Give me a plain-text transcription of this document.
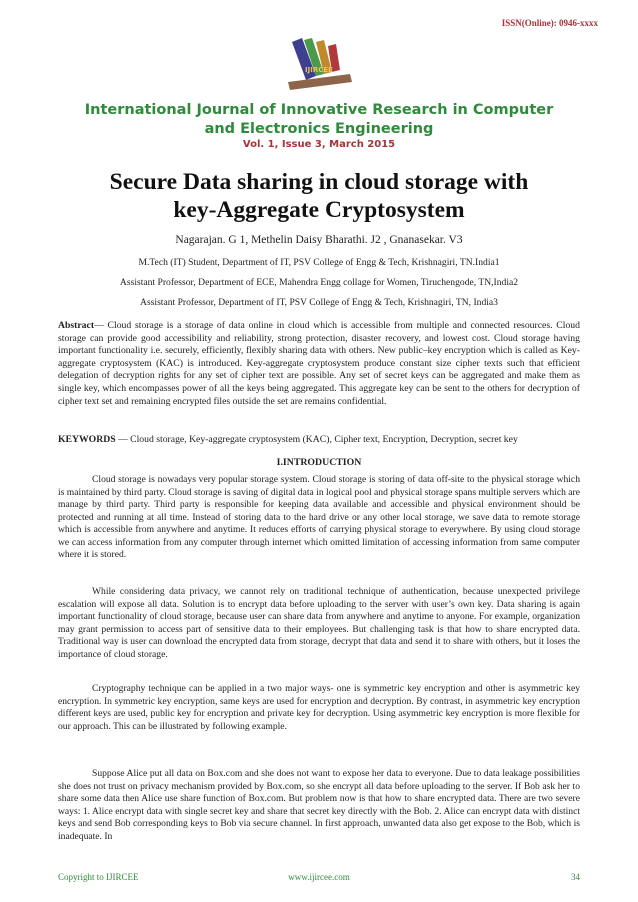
ISSN(Online): 0946-xxxx
IJIRCEE
International Journal of Innovative Research in Computer
and Electronics Engineering
Vol. 1, Issue 3, March 2015
Secure Data sharing in cloud storage with
key-Aggregate Cryptosystem
Nagarajan. G 1, Methelin Daisy Bharathi. J2 , Gnanasekar. V3
M.Tech (IT) Student, Department of IT, PSV College of Engg & Tech, Krishnagiri, TN.India1
Assistant Professor, Department of ECE, Mahendra Engg collage for Women, Tiruchengode, TN,India2
Assistant Professor, Department of IT, PSV College of Engg & Tech, Krishnagiri, TN, India3
Abstract— Cloud storage is a storage of data online in cloud which is accessible from multiple and connected resources. Cloud storage can provide good accessibility and reliability, strong protection, disaster recovery, and lowest cost. Cloud storage having important functionality i.e. securely, efficiently, flexibly sharing data with others. New public–key encryption which is called as Key- aggregate cryptosystem (KAC) is introduced. Key-aggregate cryptosystem produce constant size cipher texts such that efficient delegation of decryption rights for any set of cipher text are possible. Any set of secret keys can be aggregated and make them as single key, which encompasses power of all the keys being aggregated. This aggregate key can be sent to the others for decryption of cipher text set and remaining encrypted files outside the set are remains confidential.
KEYWORDS — Cloud storage, Key-aggregate cryptosystem (KAC), Cipher text, Encryption, Decryption, secret key
I.INTRODUCTION
Cloud storage is nowadays very popular storage system. Cloud storage is storing of data off-site to the physical storage which is maintained by third party. Cloud storage is saving of digital data in logical pool and physical storage spans multiple servers which are manage by third party. Third party is responsible for keeping data available and accessible and physical environment should be protected and running at all time. Instead of storing data to the hard drive or any other local storage, we save data to remote storage which is accessible from anywhere and anytime. It reduces efforts of carrying physical storage to everywhere. By using cloud storage we can access information from any computer through internet which omitted limitation of accessing information from same computer where it is stored.
While considering data privacy, we cannot rely on traditional technique of authentication, because unexpected privilege escalation will expose all data. Solution is to encrypt data before uploading to the server with user’s own key. Data sharing is again important functionality of cloud storage, because user can share data from anywhere and anytime to anyone. For example, organization may grant permission to access part of sensitive data to their employees. But challenging task is that how to share encrypted data. Traditional way is user can download the encrypted data from storage, decrypt that data and send it to share with others, but it loses the importance of cloud storage.
Cryptography technique can be applied in a two major ways- one is symmetric key encryption and other is asymmetric key encryption. In symmetric key encryption, same keys are used for encryption and decryption. By contrast, in asymmetric key encryption different keys are used, public key for encryption and private key for decryption. Using asymmetric key encryption is more flexible for our approach. This can be illustrated by following example.
Suppose Alice put all data on Box.com and she does not want to expose her data to everyone. Due to data leakage possibilities she does not trust on privacy mechanism provided by Box.com, so she encrypt all data before uploading to the server. If Bob ask her to share some data then Alice use share function of Box.com. But problem now is that how to share encrypted data. There are two severe ways: 1. Alice encrypt data with single secret key and share that secret key directly with the Bob. 2. Alice can encrypt data with distinct keys and send Bob corresponding keys to Bob via secure channel. In first approach, unwanted data also get expose to the Bob, which is inadequate. In
Copyright to IJIRCEE	www.ijircee.com	34
